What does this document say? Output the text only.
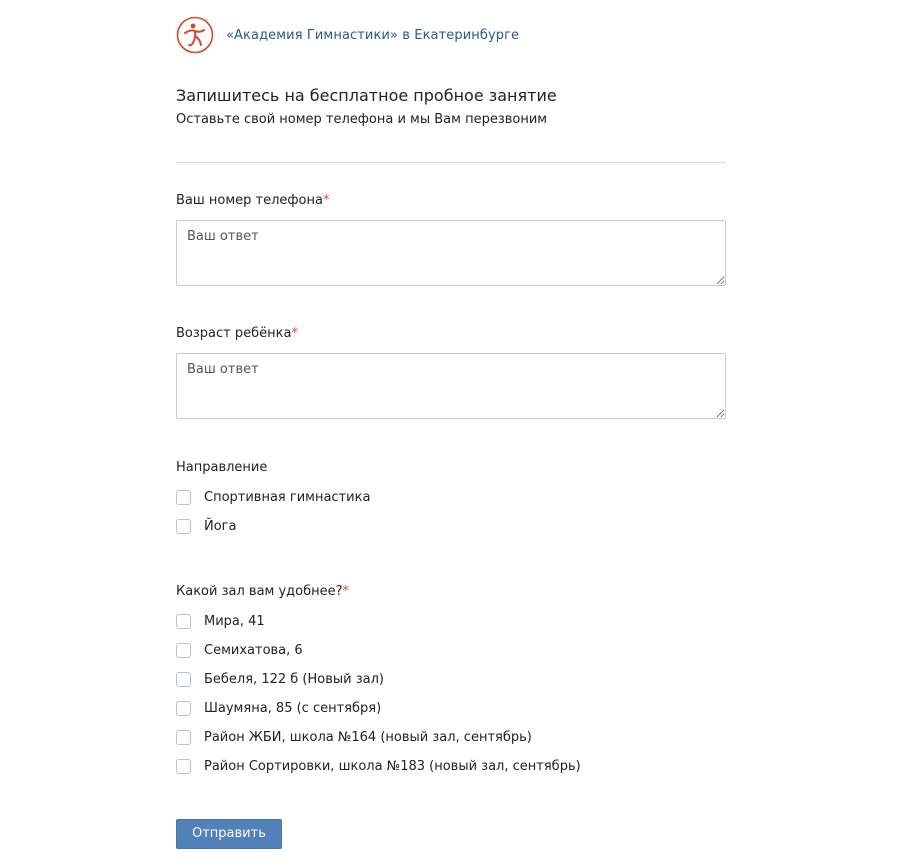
«Академия Гимнастики» в Екатеринбурге
Запишитесь на бесплатное пробное занятие
Оставьте свой номер телефона и мы Вам перезвоним
Ваш номер телефона*
Ваш ответ
Возраст ребёнка*
Ваш ответ
Направление
Спортивная гимнастика
Йога
Какой зал вам удобнее?*
Мира, 41
Семихатова, 6
Бебеля, 122 б (Новый зал)
Шаумяна, 85 (с сентября)
Район ЖБИ, школа №164 (новый зал, сентябрь)
Район Сортировки, школа №183 (новый зал, сентябрь)
Отправить
